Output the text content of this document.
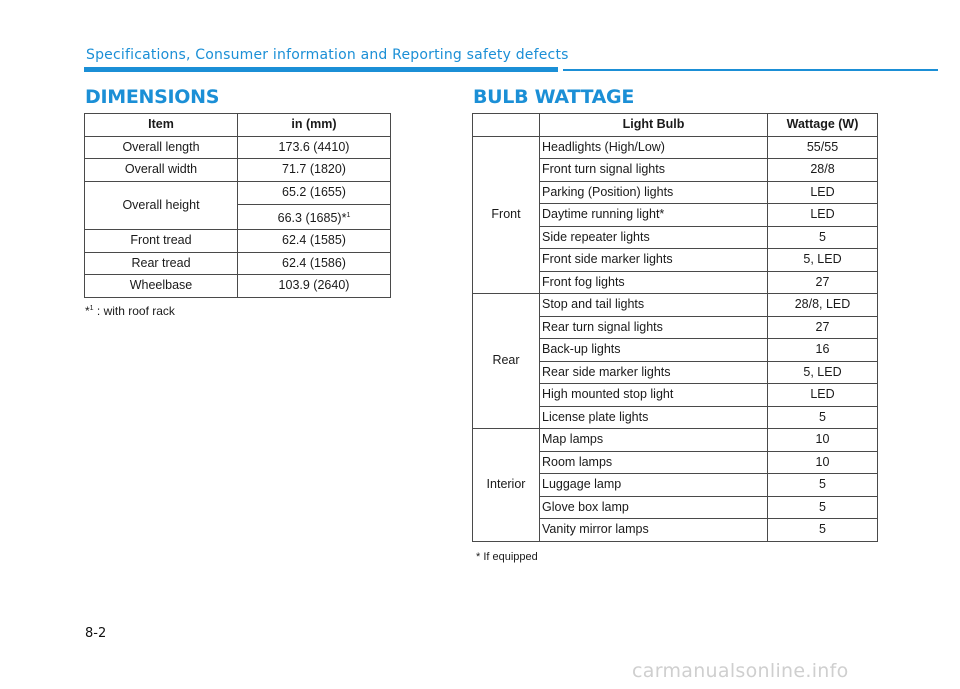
Specifications, Consumer information and Reporting safety defects
DIMENSIONS	BULB WATTAGE
Item	in (mm)
Overall length	173.6 (4410)
Overall width	71.7 (1820)
Overall height	65.2 (1655)
	66.3 (1685)*$^1$
Front tread	62.4 (1585)
Rear tread	62.4 (1586)
Wheelbase	103.9 (2640)
*$^1$ : with roof rack
	Light Bulb	Wattage (W)
Front	Headlights (High/Low)	55/55
	Front turn signal lights	28/8
	Parking (Position) lights	LED
	Daytime running light*	LED
	Side repeater lights	5
	Front side marker lights	5, LED
	Front fog lights	27
Rear	Stop and tail lights	28/8, LED
	Rear turn signal lights	27
	Back-up lights	16
	Rear side marker lights	5, LED
	High mounted stop light	LED
	License plate lights	5
Interior	Map lamps	10
	Room lamps	10
	Luggage lamp	5
	Glove box lamp	5
	Vanity mirror lamps	5
* If equipped
8-2
carmanualsonline.info
